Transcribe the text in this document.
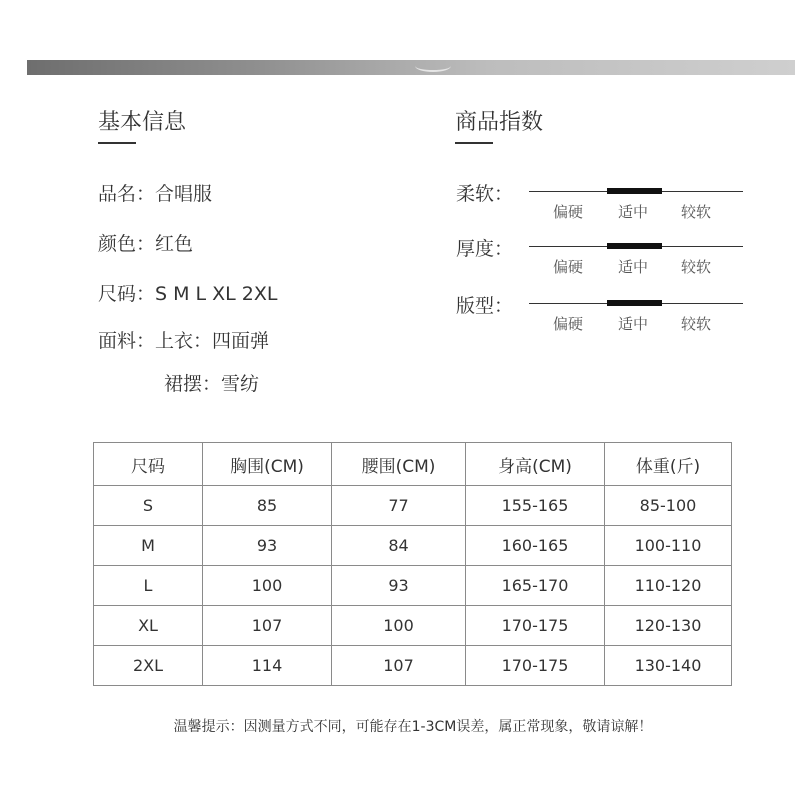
基本信息
品名：合唱服
颜色：红色
尺码：S M L XL 2XL
面料：上衣：四面弹
裙摆：雪纺
商品指数
柔软：
偏硬 适中 较软
厚度：
偏硬 适中 较软
版型：
偏硬 适中 较软
尺码	胸围(CM)	腰围(CM)	身高(CM)	体重(斤)
S	85	77	155-165	85-100
M	93	84	160-165	100-110
L	100	93	165-170	110-120
XL	107	100	170-175	120-130
2XL	114	107	170-175	130-140
温馨提示：因测量方式不同，可能存在1-3CM误差，属正常现象，敬请谅解！
